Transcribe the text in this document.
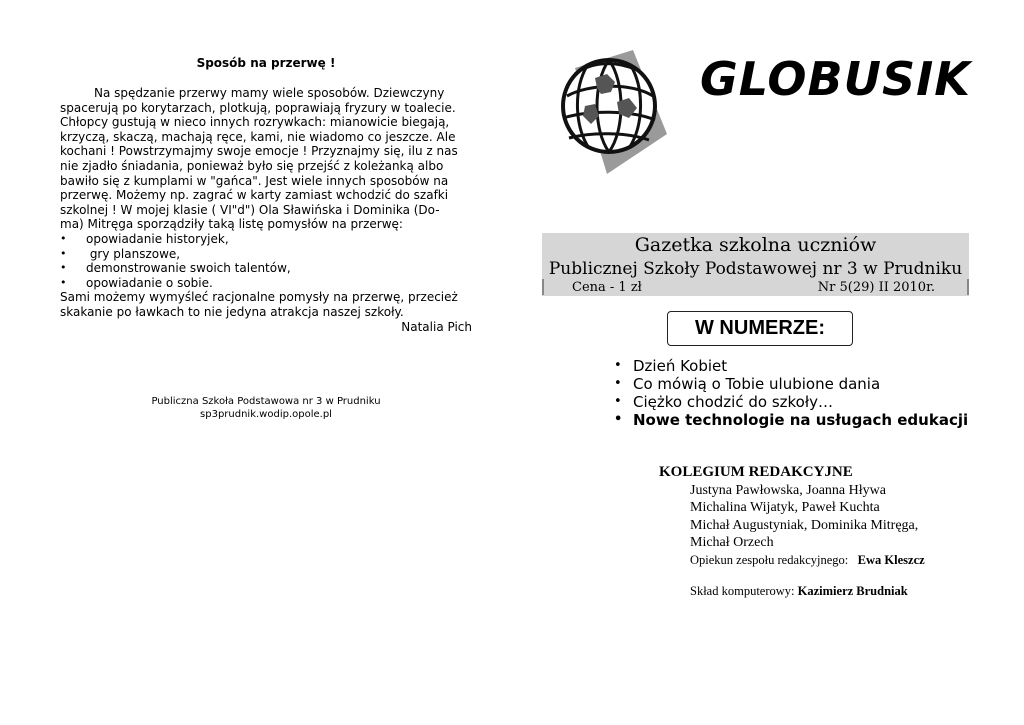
Sposób na przerwę !

Na spędzanie przerwy mamy wiele sposobów. Dziewczyny

spacerują po korytarzach, plotkują, poprawiają fryzury w toalecie.

Chłopcy gustują w nieco innych rozrywkach: mianowicie biegają,

krzyczą, skaczą, machają ręce, kami, nie wiadomo co jeszcze. Ale

kochani ! Powstrzymajmy swoje emocje ! Przyznajmy się, ilu z nas

nie zjadło śniadania, ponieważ było się przejść z koleżanką albo

bawiło się z kumplami w "gańca". Jest wiele innych sposobów na

przerwę. Możemy np. zagrać w karty zamiast wchodzić do szafki

szkolnej ! W mojej klasie ( VI"d") Ola Sławińska i Dominika (Do-

ma) Mitręga sporządziły taką listę pomysłów na przerwę:

• opowiadanie historyjek,
•  gry planszowe,
• demonstrowanie swoich talentów,
• opowiadanie o sobie.

Sami możemy wymyśleć racjonalne pomysły na przerwę, przecież

skakanie po ławkach to nie jedyna atrakcja naszej szkoły.

Natalia Pich

Publiczna Szkoła Podstawowa nr 3 w Prudniku
sp3prudnik.wodip.opole.pl
GLOBUSIK
Gazetka szkolna uczniów
Publicznej Szkoły Podstawowej nr 3 w Prudniku
Cena - 1 zł	Nr 5(29) II 2010r.
W NUMERZE:
• Dzień Kobiet
• Co mówią o Tobie ulubione dania
• Ciężko chodzić do szkoły…
• Nowe technologie na usługach edukacji
KOLEGIUM REDAKCYJNE
Justyna Pawłowska, Joanna Hływa
Michalina Wijatyk, Paweł Kuchta
Michał Augustyniak, Dominika Mitręga,
Michał Orzech
Opiekun zespołu redakcyjnego: Ewa Kleszcz
Skład komputerowy: Kazimierz Brudniak
